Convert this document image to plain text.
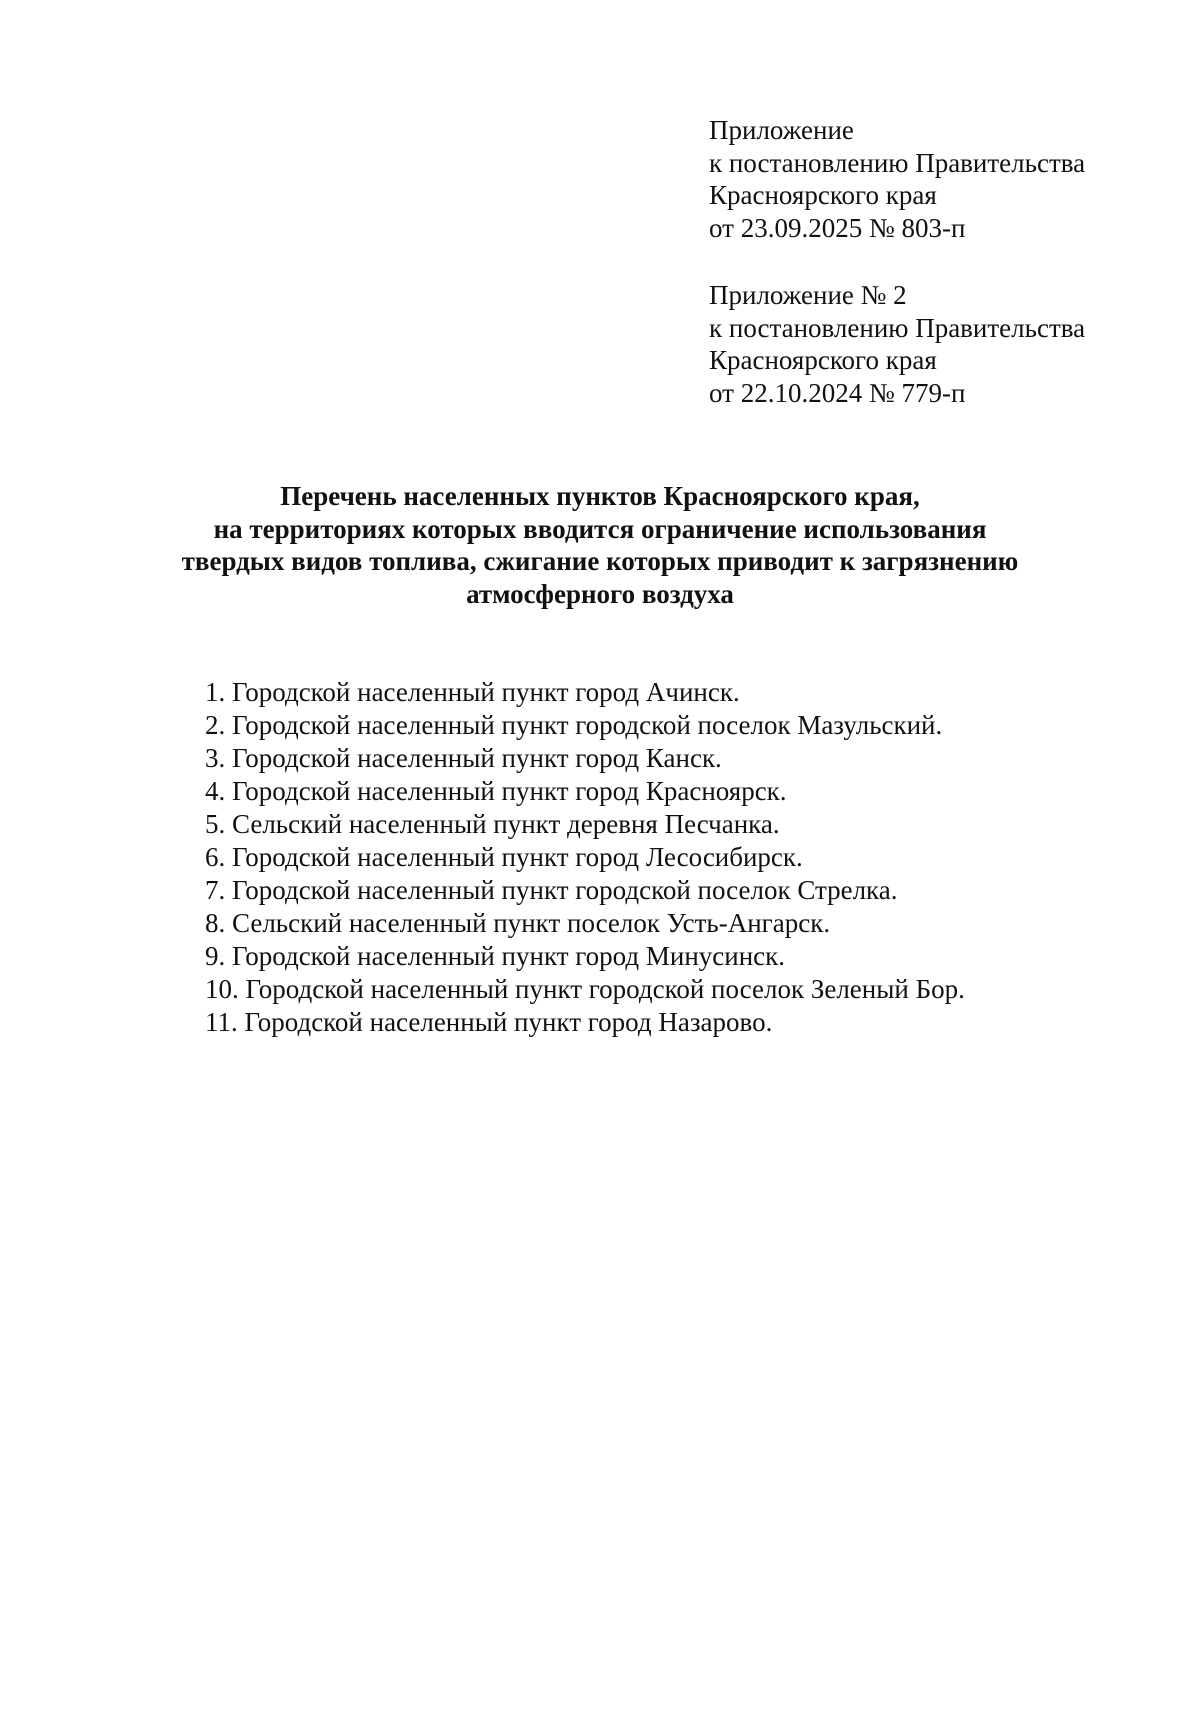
Приложение
к постановлению Правительства
Красноярского края
от 23.09.2025 № 803-п
Приложение № 2
к постановлению Правительства
Красноярского края
от 22.10.2024 № 779-п
Перечень населенных пунктов Красноярского края,
на территориях которых вводится ограничение использования
твердых видов топлива, сжигание которых приводит к загрязнению
атмосферного воздуха
1. Городской населенный пункт город Ачинск.
2. Городской населенный пункт городской поселок Мазульский.
3. Городской населенный пункт город Канск.
4. Городской населенный пункт город Красноярск.
5. Сельский населенный пункт деревня Песчанка.
6. Городской населенный пункт город Лесосибирск.
7. Городской населенный пункт городской поселок Стрелка.
8. Сельский населенный пункт поселок Усть-Ангарск.
9. Городской населенный пункт город Минусинск.
10. Городской населенный пункт городской поселок Зеленый Бор.
11. Городской населенный пункт город Назарово.
